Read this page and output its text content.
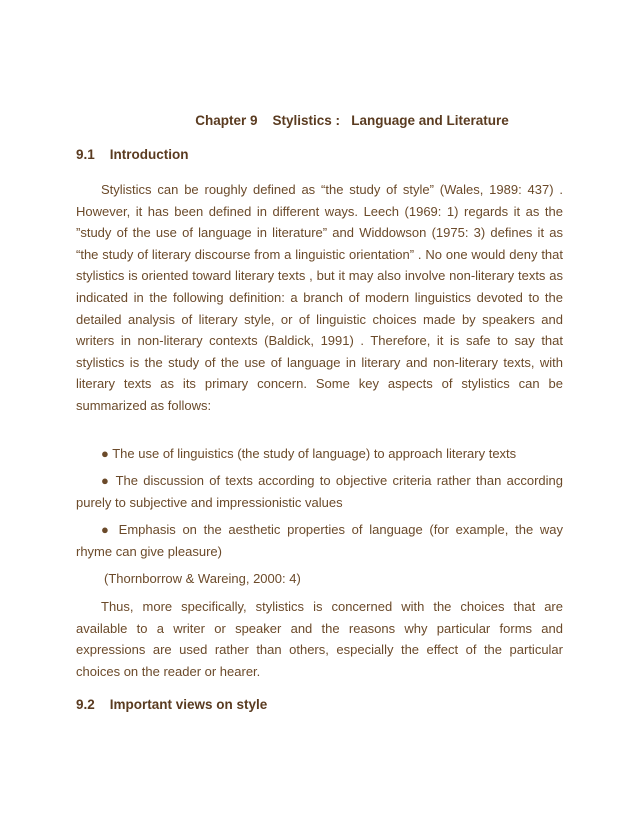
Chapter 9    Stylistics :   Language and Literature
9.1    Introduction

Stylistics can be roughly defined as “the study of style” (Wales, 1989: 437) . However, it has been defined in different ways. Leech (1969: 1) regards it as the ”study of the use of language in literature” and Widdowson (1975: 3) defines it as “the study of literary discourse from a linguistic orientation” . No one would deny that stylistics is oriented toward literary texts , but it may also involve non-literary texts as indicated in the following definition: a branch of modern linguistics devoted to the detailed analysis of literary style, or of linguistic choices made by speakers and writers in non-literary contexts (Baldick, 1991) . Therefore, it is safe to say that stylistics is the study of the use of language in literary and non-literary texts, with literary texts as its primary concern. Some key aspects of stylistics can be summarized as follows:

● The use of linguistics (the study of language) to approach literary texts

● The discussion of texts according to objective criteria rather than according purely to subjective and impressionistic values

● Emphasis on the aesthetic properties of language (for example, the way rhyme can give pleasure)

(Thornborrow & Wareing, 2000: 4)

Thus, more specifically, stylistics is concerned with the choices that are available to a writer or speaker and the reasons why particular forms and expressions are used rather than others, especially the effect of the particular choices on the reader or hearer.

9.2    Important views on style
